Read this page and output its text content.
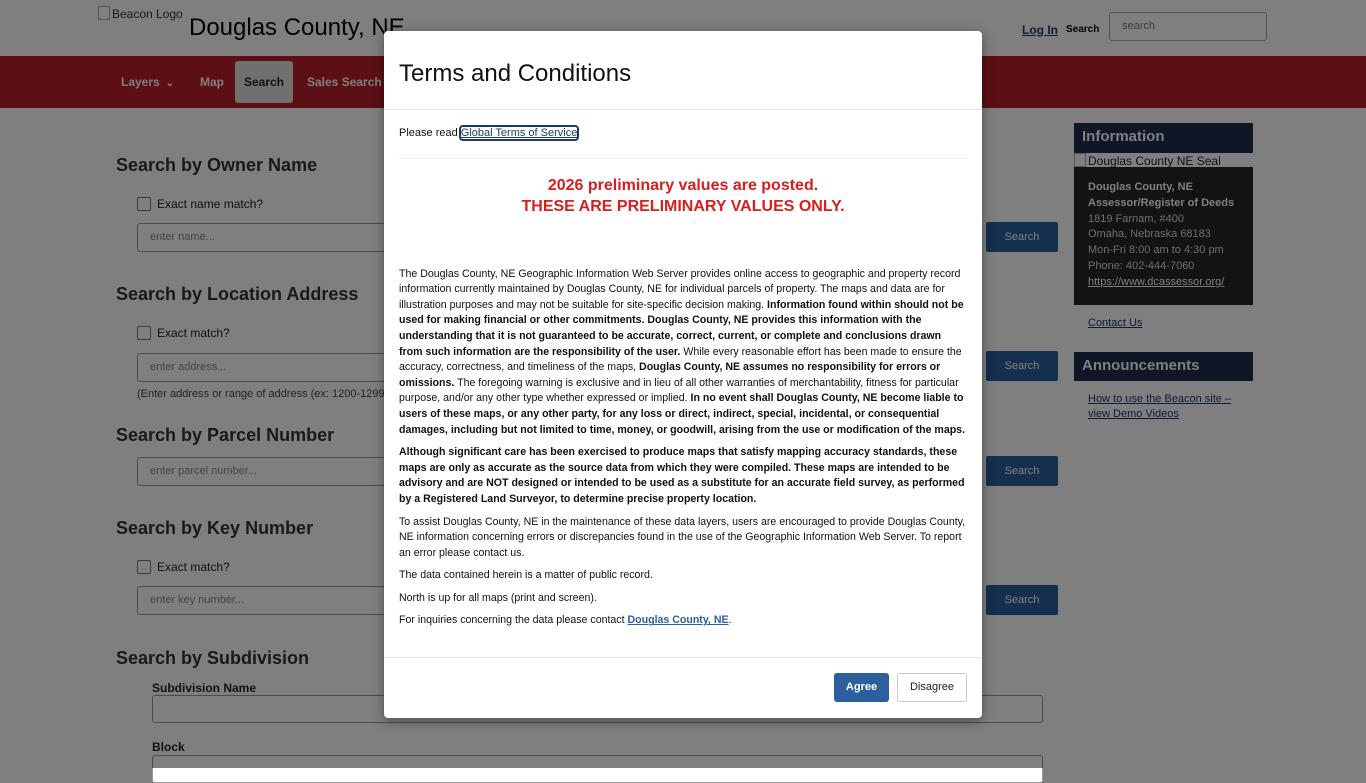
Terms and Conditions
Please read Global Terms of Service
2026 preliminary values are posted.
THESE ARE PRELIMINARY VALUES ONLY.

The Douglas County, NE Geographic Information Web Server provides online access to geographic and property record information currently maintained by Douglas County, NE for individual parcels of property. The maps and data are for illustration purposes and may not be suitable for site-specific decision making. Information found within should not be used for making financial or other commitments. Douglas County, NE provides this information with the understanding that it is not guaranteed to be accurate, correct, current, or complete and conclusions drawn from such information are the responsibility of the user. While every reasonable effort has been made to ensure the accuracy, correctness, and timeliness of the maps, Douglas County, NE assumes no responsibility for errors or omissions. The foregoing warning is exclusive and in lieu of all other warranties of merchantability, fitness for particular purpose, and/or any other type whether expressed or implied. In no event shall Douglas County, NE become liable to users of these maps, or any other party, for any loss or direct, indirect, special, incidental, or consequential damages, including but not limited to time, money, or goodwill, arising from the use or modification of the maps.

Although significant care has been exercised to produce maps that satisfy mapping accuracy standards, these maps are only as accurate as the source data from which they were compiled. These maps are intended to be advisory and are NOT designed or intended to be used as a substitute for an accurate field survey, as performed by a Registered Land Surveyor, to determine precise property location.

To assist Douglas County, NE in the maintenance of these data layers, users are encouraged to provide Douglas County, NE information concerning errors or discrepancies found in the use of the Geographic Information Web Server. To report an error please contact us.

The data contained herein is a matter of public record.

North is up for all maps (print and screen).

For inquiries concerning the data please contact Douglas County, NE.

Agree	Disagree
